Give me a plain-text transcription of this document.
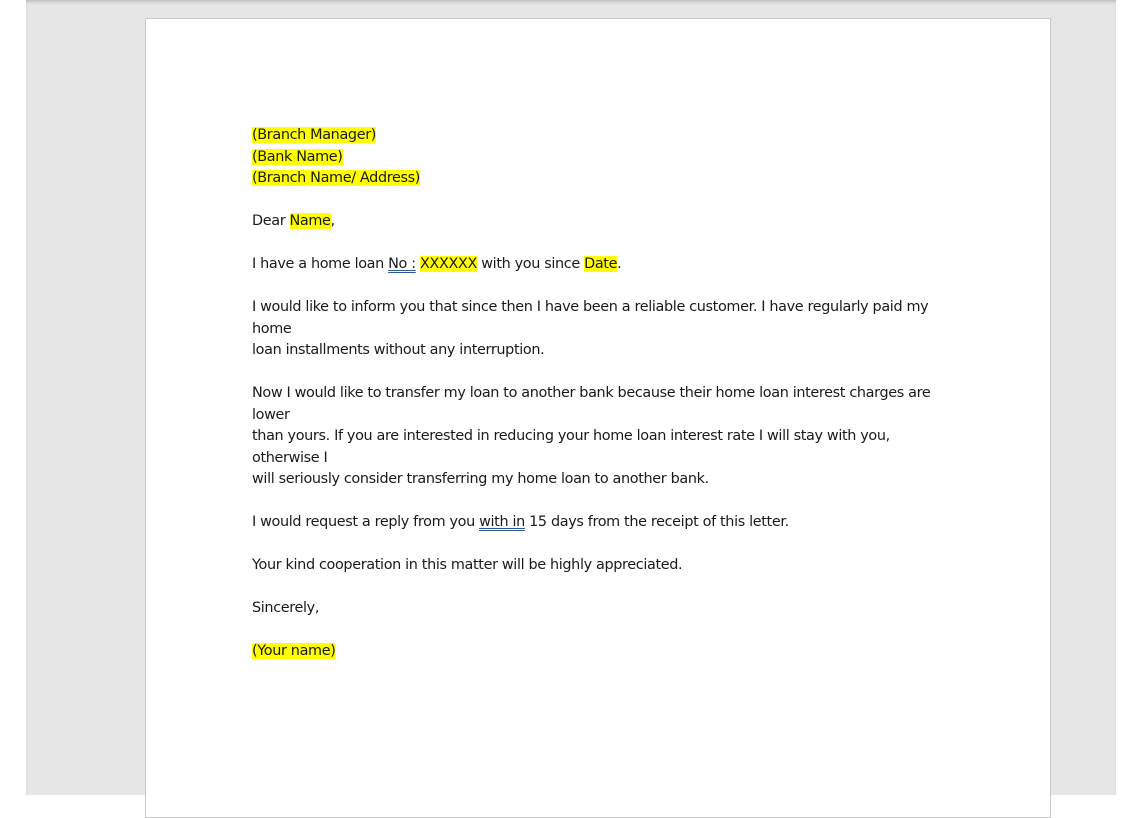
(Branch Manager)
(Bank Name)
(Branch Name/ Address)

Dear Name,

I have a home loan No : XXXXXX with you since Date.

I would like to inform you that since then I have been a reliable customer. I have regularly paid my home
loan installments without any interruption.

Now I would like to transfer my loan to another bank because their home loan interest charges are lower
than yours. If you are interested in reducing your home loan interest rate I will stay with you, otherwise I
will seriously consider transferring my home loan to another bank.

I would request a reply from you with in 15 days from the receipt of this letter.

Your kind cooperation in this matter will be highly appreciated.

Sincerely,

(Your name)
